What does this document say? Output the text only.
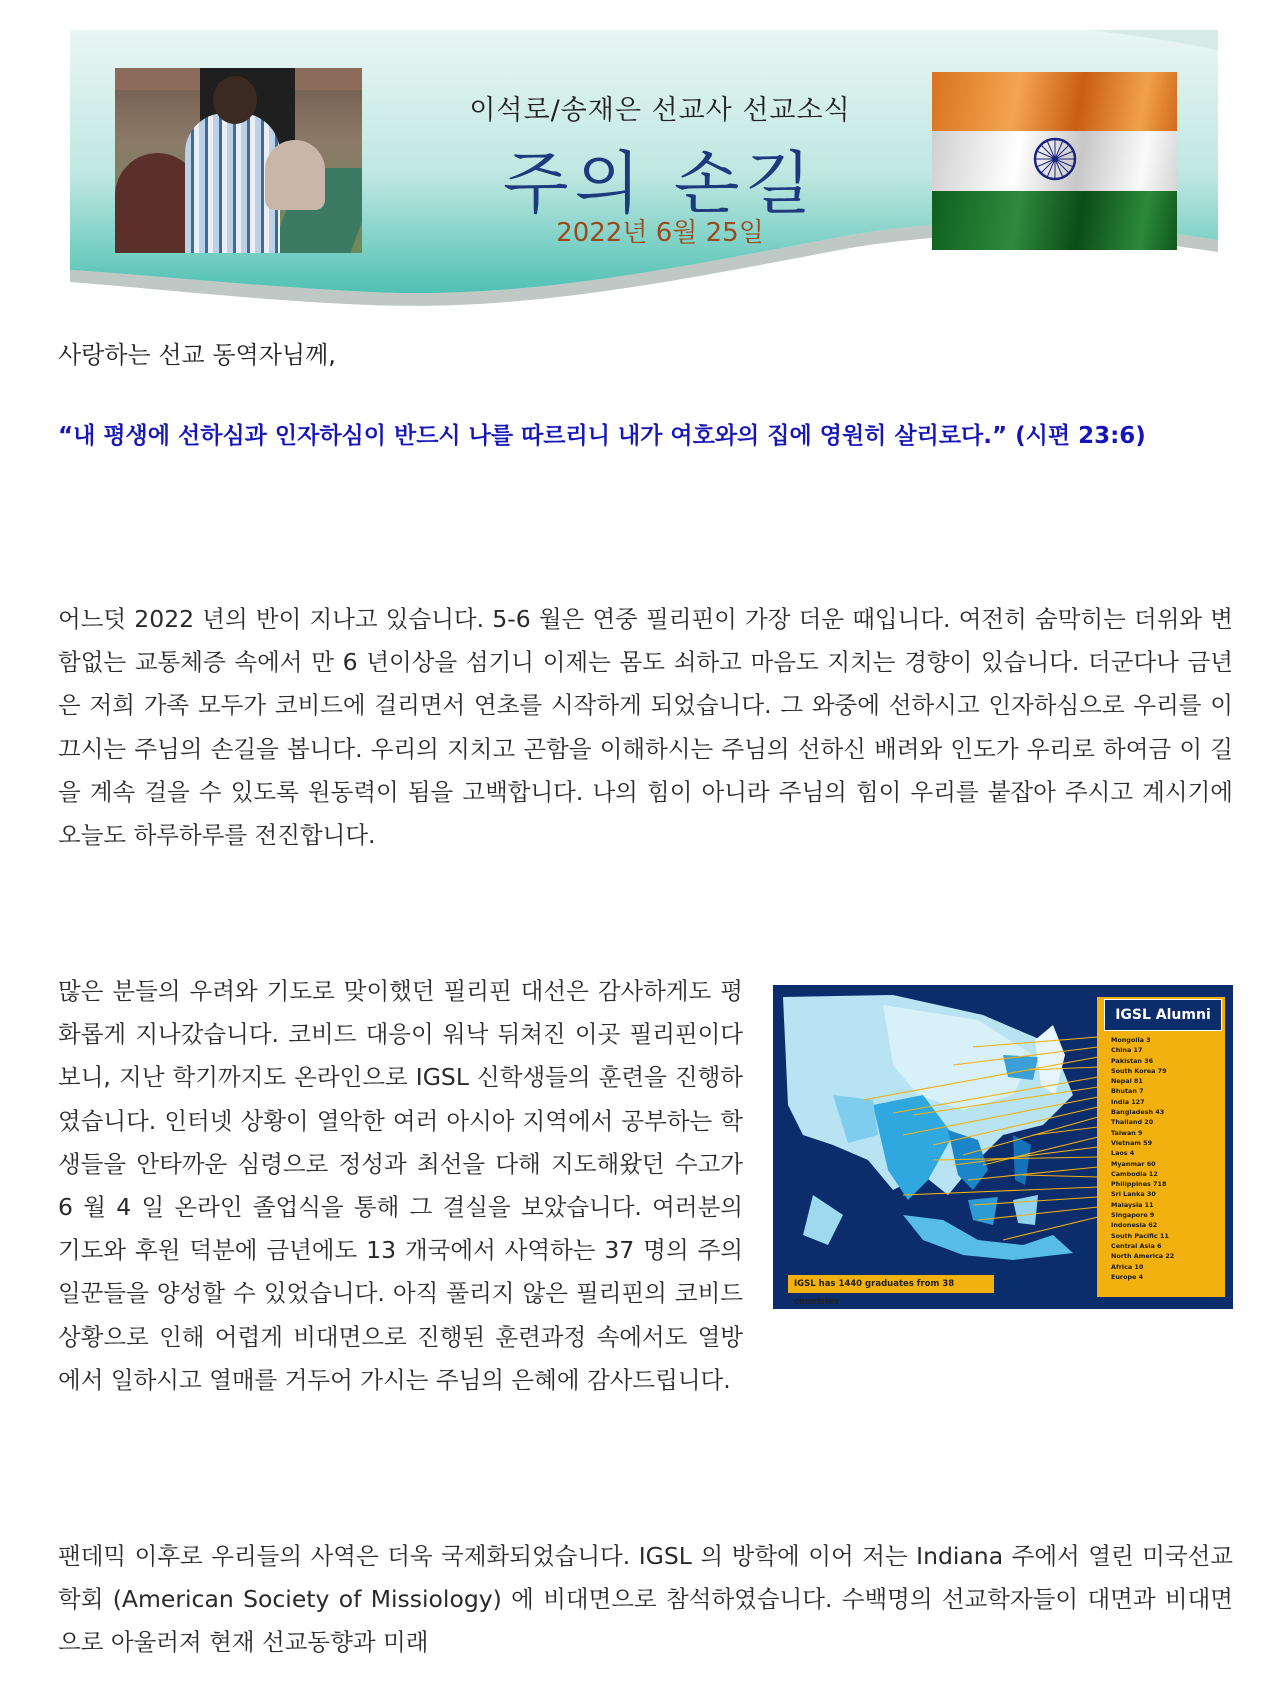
이석로/송재은 선교사 선교소식
주의 손길
2022년 6월 25일
사랑하는 선교 동역자님께,
“내 평생에 선하심과 인자하심이 반드시 나를 따르리니 내가 여호와의 집에 영원히 살리로다.” (시편 23:6)

어느덧 2022 년의 반이 지나고 있습니다. 5-6 월은 연중 필리핀이 가장 더운 때입니다. 여전히 숨막히는 더위와 변함없는 교통체증 속에서 만 6 년이상을 섬기니 이제는 몸도 쇠하고 마음도 지치는 경향이 있습니다. 더군다나 금년은 저희 가족 모두가 코비드에 걸리면서 연초를 시작하게 되었습니다. 그 와중에 선하시고 인자하심으로 우리를 이끄시는 주님의 손길을 봅니다. 우리의 지치고 곤함을 이해하시는 주님의 선하신 배려와 인도가 우리로 하여금 이 길을 계속 걸을 수 있도록 원동력이 됨을 고백합니다. 나의 힘이 아니라 주님의 힘이 우리를 붙잡아 주시고 계시기에 오늘도 하루하루를 전진합니다.

IGSL Alumni
Mongolia 3
China 17
Pakistan 36
South Korea 79
Nepal 81
Bhutan 7
India 127
Bangladesh 43
Thailand 20
Taiwan 9
Vietnam 59
Laos 4
Myanmar 60
Cambodia 12
Philippines 718
Sri Lanka 30
Malaysia 11
Singapore 9
Indonesia 62
South Pacific 11
Central Asia 6
North America 22
Africa 10
Europe 4
IGSL has 1440 graduates from 38 countries

많은 분들의 우려와 기도로 맞이했던 필리핀 대선은 감사하게도 평화롭게 지나갔습니다. 코비드 대응이 워낙 뒤쳐진 이곳 필리핀이다 보니, 지난 학기까지도 온라인으로 IGSL 신학생들의 훈련을 진행하였습니다. 인터넷 상황이 열악한 여러 아시아 지역에서 공부하는 학생들을 안타까운 심령으로 정성과 최선을 다해 지도해왔던 수고가 6 월 4 일 온라인 졸업식을 통해 그 결실을 보았습니다. 여러분의 기도와 후원 덕분에 금년에도 13 개국에서 사역하는 37 명의 주의 일꾼들을 양성할 수 있었습니다. 아직 풀리지 않은 필리핀의 코비드 상황으로 인해 어렵게 비대면으로 진행된 훈련과정 속에서도 열방에서 일하시고 열매를 거두어 가시는 주님의 은혜에 감사드립니다.

팬데믹 이후로 우리들의 사역은 더욱 국제화되었습니다. IGSL 의 방학에 이어 저는 Indiana 주에서 열린 미국선교학회 (American Society of Missiology) 에 비대면으로 참석하였습니다. 수백명의 선교학자들이 대면과 비대면으로 아울러져 현재 선교동향과 미래
